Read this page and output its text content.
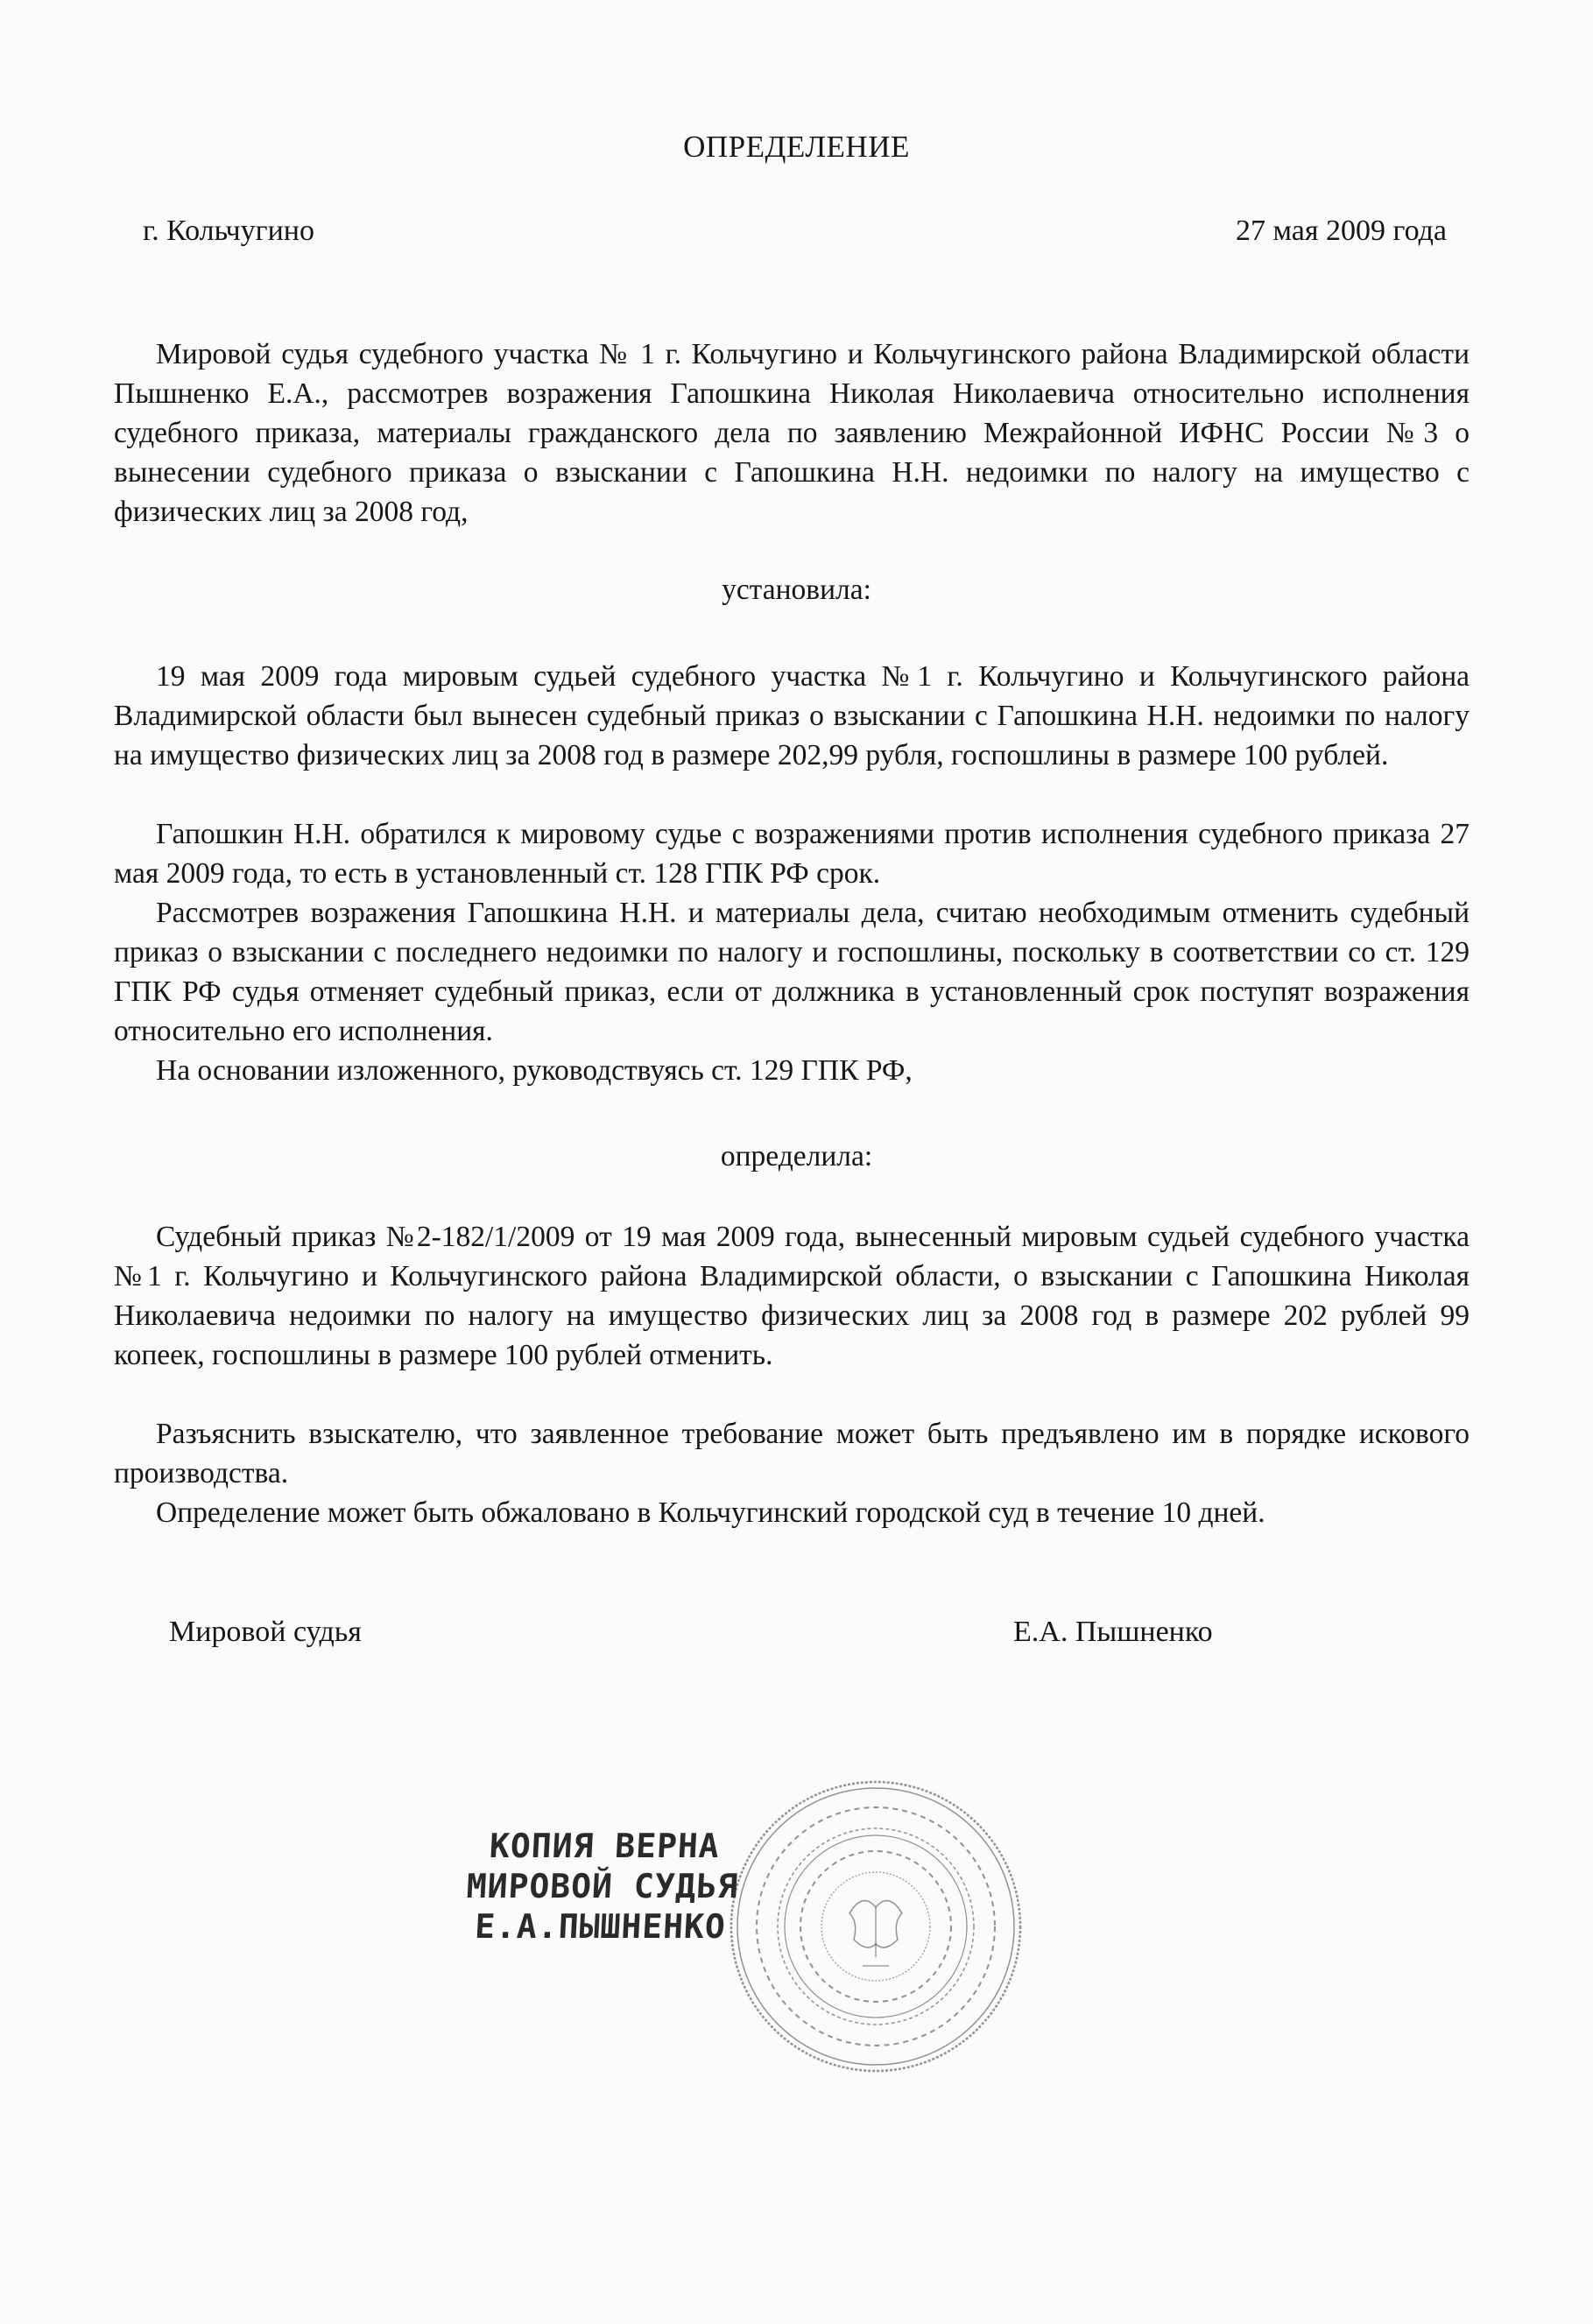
ОПРЕДЕЛЕНИЕ
г. Кольчугино	27 мая 2009 года

Мировой судья судебного участка № 1 г. Кольчугино и Кольчугинского района Владимирской области Пышненко Е.А., рассмотрев возражения Гапошкина Николая Николаевича относительно исполнения судебного приказа, материалы гражданского дела по заявлению Межрайонной ИФНС России №3 о вынесении судебного приказа о взыскании с Гапошкина Н.Н. недоимки по налогу на имущество с физических лиц за 2008 год,

установила:

19 мая 2009 года мировым судьей судебного участка №1 г. Кольчугино и Кольчугинского района Владимирской области был вынесен судебный приказ о взыскании с Гапошкина Н.Н. недоимки по налогу на имущество физических лиц за 2008 год в размере 202,99 рубля, госпошлины в размере 100 рублей.

Гапошкин Н.Н. обратился к мировому судье с возражениями против исполнения судебного приказа 27 мая 2009 года, то есть в установленный ст. 128 ГПК РФ срок.

Рассмотрев возражения Гапошкина Н.Н. и материалы дела, считаю необходимым отменить судебный приказ о взыскании с последнего недоимки по налогу и госпошлины, поскольку в соответствии со ст. 129 ГПК РФ судья отменяет судебный приказ, если от должника в установленный срок поступят возражения относительно его исполнения.

На основании изложенного, руководствуясь ст. 129 ГПК РФ,

определила:

Судебный приказ №2-182/1/2009 от 19 мая 2009 года, вынесенный мировым судьей судебного участка №1 г. Кольчугино и Кольчугинского района Владимирской области, о взыскании с Гапошкина Николая Николаевича недоимки по налогу на имущество физических лиц за 2008 год в размере 202 рублей 99 копеек, госпошлины в размере 100 рублей отменить.

Разъяснить взыскателю, что заявленное требование может быть предъявлено им в порядке искового производства.

Определение может быть обжаловано в Кольчугинский городской суд в течение 10 дней.

Мировой судья	Е.А. Пышненко
КОПИЯ ВЕРНА
МИРОВОЙ СУДЬЯ
Е.А.ПЫШНЕНКО
